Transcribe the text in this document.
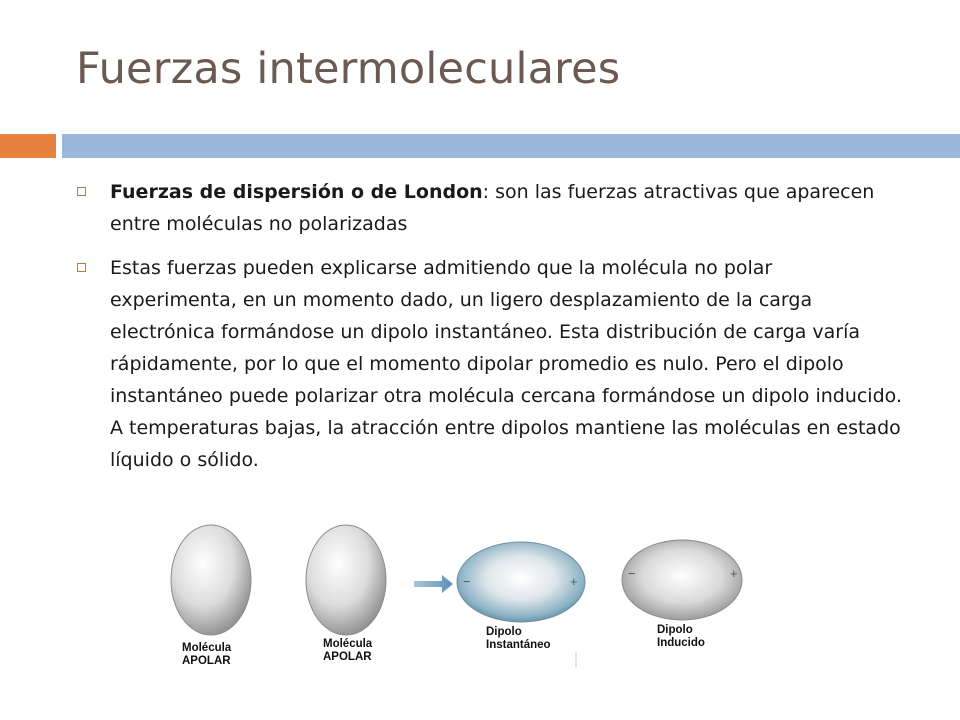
Fuerzas intermoleculares
Fuerzas de dispersión o de London: son las fuerzas atractivas que aparecen entre moléculas no polarizadas
Estas fuerzas pueden explicarse admitiendo que la molécula no polar experimenta, en un momento dado, un ligero desplazamiento de la carga electrónica formándose un dipolo instantáneo. Esta distribución de carga varía rápidamente, por lo que el momento dipolar promedio es nulo. Pero el dipolo instantáneo puede polarizar otra molécula cercana formándose un dipolo inducido. A temperaturas bajas, la atracción entre dipolos mantiene las moléculas en estado líquido o sólido.
−	+
−	+
Molécula
APOLAR
Molécula
APOLAR
Dipolo
Instantáneo
Dipolo
Inducido
